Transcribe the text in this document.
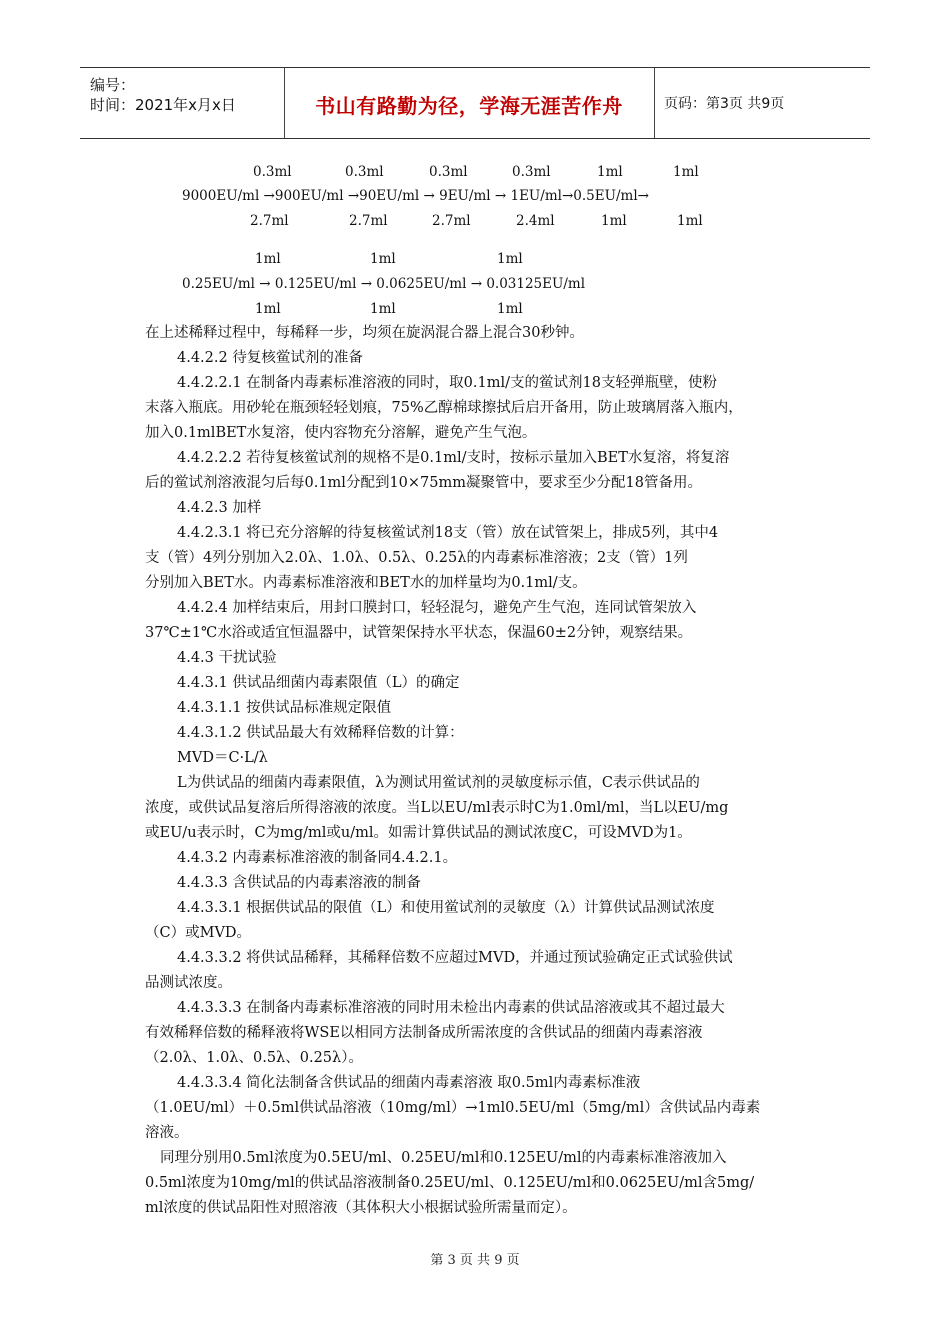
编号：
时间：2021年x月x日	书山有路勤为径，学海无涯苦作舟	页码：第3页 共9页
0.3ml	0.3ml	0.3ml	0.3ml	1ml	1ml
9000EU/ml →900EU/ml →90EU/ml → 9EU/ml → 1EU/ml→0.5EU/ml→
2.7ml	2.7ml	2.7ml	2.4ml	1ml	1ml
1ml	1ml	1ml
0.25EU/ml → 0.125EU/ml → 0.0625EU/ml → 0.03125EU/ml
1ml	1ml	1ml
在上述稀释过程中，每稀释一步，均须在旋涡混合器上混合30秒钟。
4.4.2.2 待复核鲎试剂的准备
4.4.2.2.1 在制备内毒素标准溶液的同时，取0.1ml/支的鲎试剂18支轻弹瓶壁，使粉
末落入瓶底。用砂轮在瓶颈轻轻划痕，75%乙醇棉球擦拭后启开备用，防止玻璃屑落入瓶内，
加入0.1mlBET水复溶，使内容物充分溶解，避免产生气泡。
4.4.2.2.2 若待复核鲎试剂的规格不是0.1ml/支时，按标示量加入BET水复溶，将复溶
后的鲎试剂溶液混匀后每0.1ml分配到10×75mm凝聚管中，要求至少分配18管备用。
4.4.2.3 加样
4.4.2.3.1 将已充分溶解的待复核鲎试剂18支（管）放在试管架上，排成5列，其中4
支（管）4列分别加入2.0λ、1.0λ、0.5λ、0.25λ的内毒素标准溶液；2支（管）1列
分别加入BET水。内毒素标准溶液和BET水的加样量均为0.1ml/支。
4.4.2.4 加样结束后，用封口膜封口，轻轻混匀，避免产生气泡，连同试管架放入
37℃±1℃水浴或适宜恒温器中，试管架保持水平状态，保温60±2分钟，观察结果。
4.4.3 干扰试验
4.4.3.1 供试品细菌内毒素限值（L）的确定
4.4.3.1.1 按供试品标准规定限值
4.4.3.1.2 供试品最大有效稀释倍数的计算：
MVD＝C·L/λ
L为供试品的细菌内毒素限值，λ为测试用鲎试剂的灵敏度标示值，C表示供试品的
浓度，或供试品复溶后所得溶液的浓度。当L以EU/ml表示时C为1.0ml/ml，当L以EU/mg
或EU/u表示时，C为mg/ml或u/ml。如需计算供试品的测试浓度C，可设MVD为1。
4.4.3.2 内毒素标准溶液的制备同4.4.2.1。
4.4.3.3 含供试品的内毒素溶液的制备
4.4.3.3.1 根据供试品的限值（L）和使用鲎试剂的灵敏度（λ）计算供试品测试浓度
（C）或MVD。
4.4.3.3.2 将供试品稀释，其稀释倍数不应超过MVD，并通过预试验确定正式试验供试
品测试浓度。
4.4.3.3.3 在制备内毒素标准溶液的同时用未检出内毒素的供试品溶液或其不超过最大
有效稀释倍数的稀释液将WSE以相同方法制备成所需浓度的含供试品的细菌内毒素溶液
（2.0λ、1.0λ、0.5λ、0.25λ）。
4.4.3.3.4 简化法制备含供试品的细菌内毒素溶液 取0.5ml内毒素标准液
（1.0EU/ml）＋0.5ml供试品溶液（10mg/ml）→1ml0.5EU/ml（5mg/ml）含供试品内毒素
溶液。
同理分别用0.5ml浓度为0.5EU/ml、0.25EU/ml和0.125EU/ml的内毒素标准溶液加入
0.5ml浓度为10mg/ml的供试品溶液制备0.25EU/ml、0.125EU/ml和0.0625EU/ml含5mg/
ml浓度的供试品阳性对照溶液（其体积大小根据试验所需量而定）。
第 3 页 共 9 页
